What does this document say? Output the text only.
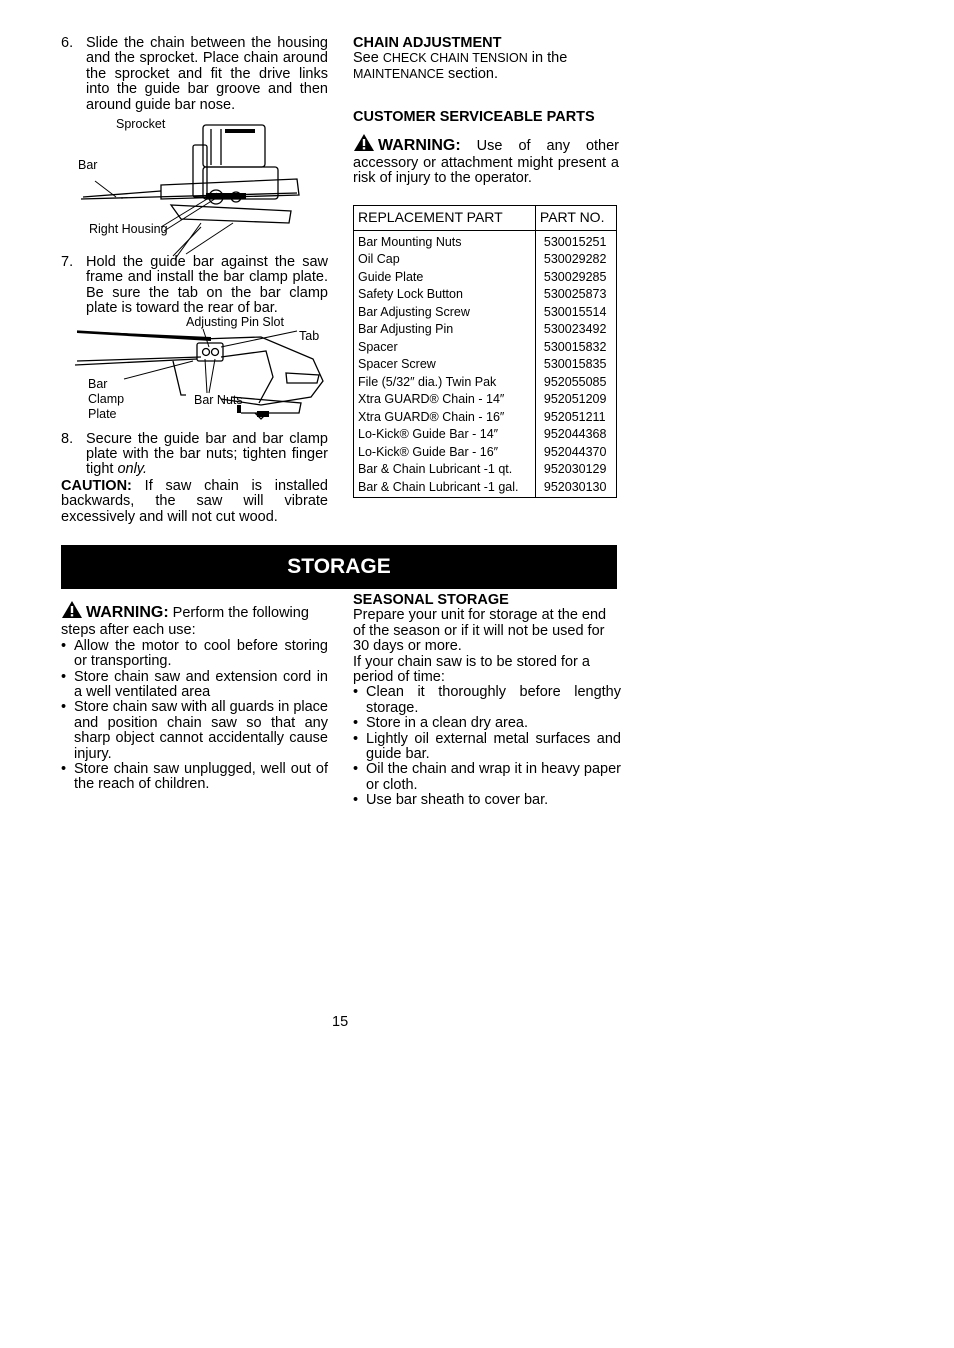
6. Slide the chain between the housing and the sprocket. Place chain around the sprocket and fit the drive links into the guide bar groove and then around guide bar nose.
Sprocket
Bar
Right Housing
7. Hold the guide bar against the saw frame and install the bar clamp plate. Be sure the tab on the bar clamp plate is toward the rear of bar.
Adjusting Pin Slot
Tab
Bar
Clamp
Plate
Bar Nuts
8. Secure the guide bar and bar clamp plate with the bar nuts; tighten finger tight only.
CAUTION: If saw chain is installed backwards, the saw will vibrate excessively and will not cut wood.
CHAIN ADJUSTMENT
See CHECK CHAIN TENSION in the MAINTENANCE section.
CUSTOMER SERVICEABLE PARTS
WARNING: Use of any other accessory or attachment might present a risk of injury to the operator.
REPLACEMENT PART	PART NO.
Bar Mounting Nuts	530015251
Oil Cap	530029282
Guide Plate	530029285
Safety Lock Button	530025873
Bar Adjusting Screw	530015514
Bar Adjusting Pin	530023492
Spacer	530015832
Spacer Screw	530015835
File (5/32″ dia.) Twin Pak	952055085
Xtra GUARD® Chain - 14″	952051209
Xtra GUARD® Chain - 16″	952051211
Lo-Kick® Guide Bar - 14″	952044368
Lo-Kick® Guide Bar - 16″	952044370
Bar & Chain Lubricant -1 qt.	952030129
Bar & Chain Lubricant -1 gal.	952030130
STORAGE
WARNING: Perform the following steps after each use:
• Allow the motor to cool before storing or transporting.
• Store chain saw and extension cord in a well ventilated area
• Store chain saw with all guards in place and position chain saw so that any sharp object cannot accidentally cause injury.
• Store chain saw unplugged, well out of the reach of children.
SEASONAL STORAGE
Prepare your unit for storage at the end of the season or if it will not be used for 30 days or more.
If your chain saw is to be stored for a period of time:
• Clean it thoroughly before lengthy storage.
• Store in a clean dry area.
• Lightly oil external metal surfaces and guide bar.
• Oil the chain and wrap it in heavy paper or cloth.
• Use bar sheath to cover bar.
15
